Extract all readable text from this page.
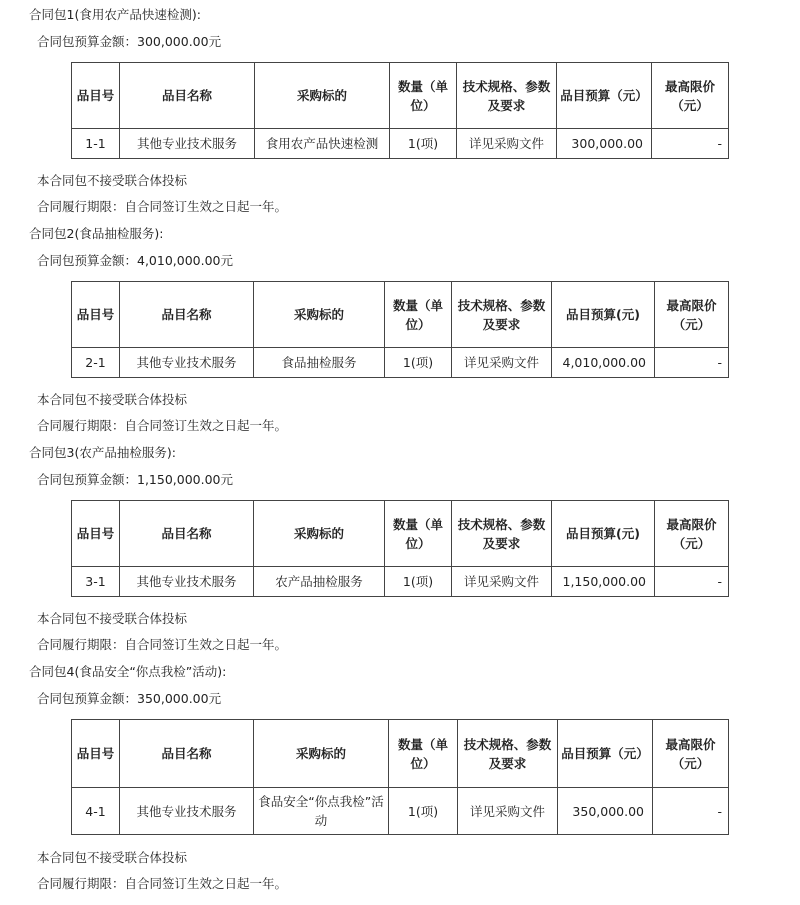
合同包1(食用农产品快速检测):
合同包预算金额：300,000.00元
品目号	品目名称	采购标的	数量（单位）	技术规格、参数及要求	品目预算（元）	最高限价（元）
1-1	其他专业技术服务	食用农产品快速检测	1(项)	详见采购文件	300,000.00	-
本合同包不接受联合体投标
合同履行期限：自合同签订生效之日起一年。
合同包2(食品抽检服务):
合同包预算金额：4,010,000.00元
品目号	品目名称	采购标的	数量（单位）	技术规格、参数及要求	品目预算(元)	最高限价（元）
2-1	其他专业技术服务	食品抽检服务	1(项)	详见采购文件	4,010,000.00	-
本合同包不接受联合体投标
合同履行期限：自合同签订生效之日起一年。
合同包3(农产品抽检服务):
合同包预算金额：1,150,000.00元
品目号	品目名称	采购标的	数量（单位）	技术规格、参数及要求	品目预算(元)	最高限价（元）
3-1	其他专业技术服务	农产品抽检服务	1(项)	详见采购文件	1,150,000.00	-
本合同包不接受联合体投标
合同履行期限：自合同签订生效之日起一年。
合同包4(食品安全“你点我检”活动):
合同包预算金额：350,000.00元
品目号	品目名称	采购标的	数量（单位）	技术规格、参数及要求	品目预算（元）	最高限价（元）
4-1	其他专业技术服务	食品安全“你点我检”活动	1(项)	详见采购文件	350,000.00	-
本合同包不接受联合体投标
合同履行期限：自合同签订生效之日起一年。
